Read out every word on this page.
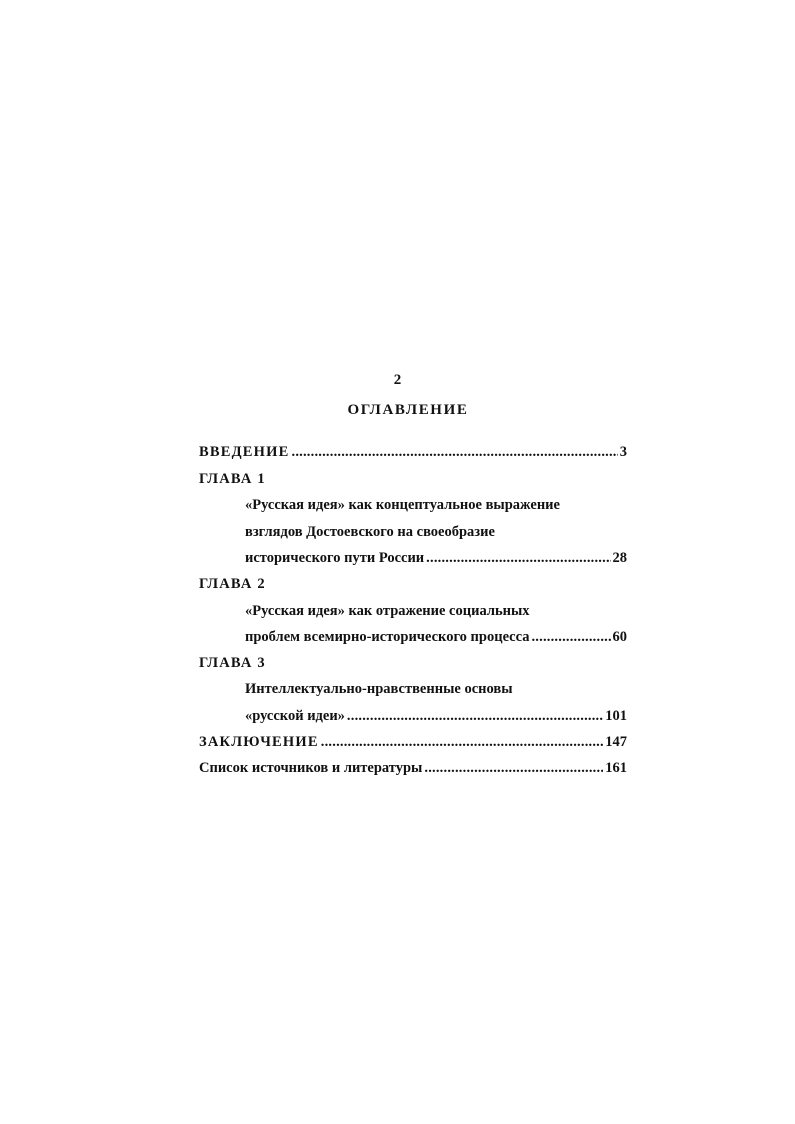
2
ОГЛАВЛЕНИЕ
ВВЕДЕНИЕ .....	3
ГЛАВА 1
«Русская идея» как концептуальное выражение
взглядов Достоевского на своеобразие
исторического пути России .....	28
ГЛАВА 2
«Русская идея» как отражение социальных
проблем всемирно-исторического процесса .....	60
ГЛАВА 3
Интеллектуально-нравственные основы
«русской идеи» .....	101
ЗАКЛЮЧЕНИЕ .....	147
Список источников и литературы .....	161
